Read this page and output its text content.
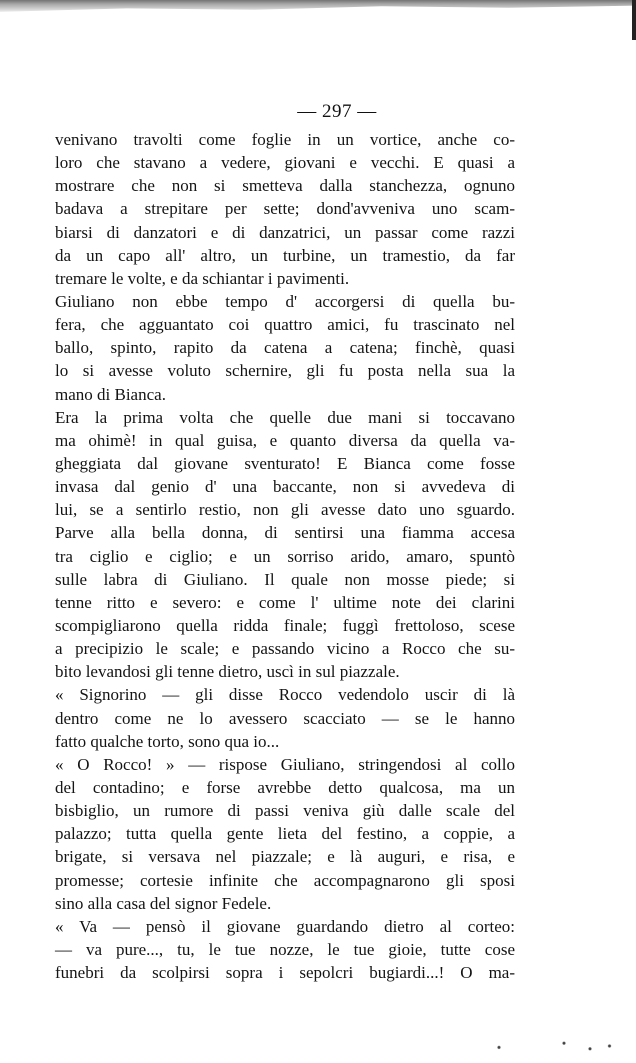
— 297 —
venivano travolti come foglie in un vortice, anche co-
loro che stavano a vedere, giovani e vecchi. E quasi a
mostrare che non si smetteva dalla stanchezza, ognuno
badava a strepitare per sette; dond'avveniva uno scam-
biarsi di danzatori e di danzatrici, un passar come razzi
da un capo all' altro, un turbine, un tramestio, da far
tremare le volte, e da schiantar i pavimenti.
Giuliano non ebbe tempo d' accorgersi di quella bu-
fera, che agguantato coi quattro amici, fu trascinato nel
ballo, spinto, rapito da catena a catena; finchè, quasi
lo si avesse voluto schernire, gli fu posta nella sua la
mano di Bianca.
Era la prima volta che quelle due mani si toccavano
ma ohimè! in qual guisa, e quanto diversa da quella va-
gheggiata dal giovane sventurato! E Bianca come fosse
invasa dal genio d' una baccante, non si avvedeva di
lui, se a sentirlo restio, non gli avesse dato uno sguardo.
Parve alla bella donna, di sentirsi una fiamma accesa
tra ciglio e ciglio; e un sorriso arido, amaro, spuntò
sulle labra di Giuliano. Il quale non mosse piede; si
tenne ritto e severo: e come l' ultime note dei clarini
scompigliarono quella ridda finale; fuggì frettoloso, scese
a precipizio le scale; e passando vicino a Rocco che su-
bito levandosi gli tenne dietro, uscì in sul piazzale.
« Signorino — gli disse Rocco vedendolo uscir di là
dentro come ne lo avessero scacciato — se le hanno
fatto qualche torto, sono qua io...
« O Rocco! » — rispose Giuliano, stringendosi al collo
del contadino; e forse avrebbe detto qualcosa, ma un
bisbiglio, un rumore di passi veniva giù dalle scale del
palazzo; tutta quella gente lieta del festino, a coppie, a
brigate, si versava nel piazzale; e là auguri, e risa, e
promesse; cortesie infinite che accompagnarono gli sposi
sino alla casa del signor Fedele.
« Va — pensò il giovane guardando dietro al corteo:
— va pure..., tu, le tue nozze, le tue gioie, tutte cose
funebri da scolpirsi sopra i sepolcri bugiardi...! O ma-
